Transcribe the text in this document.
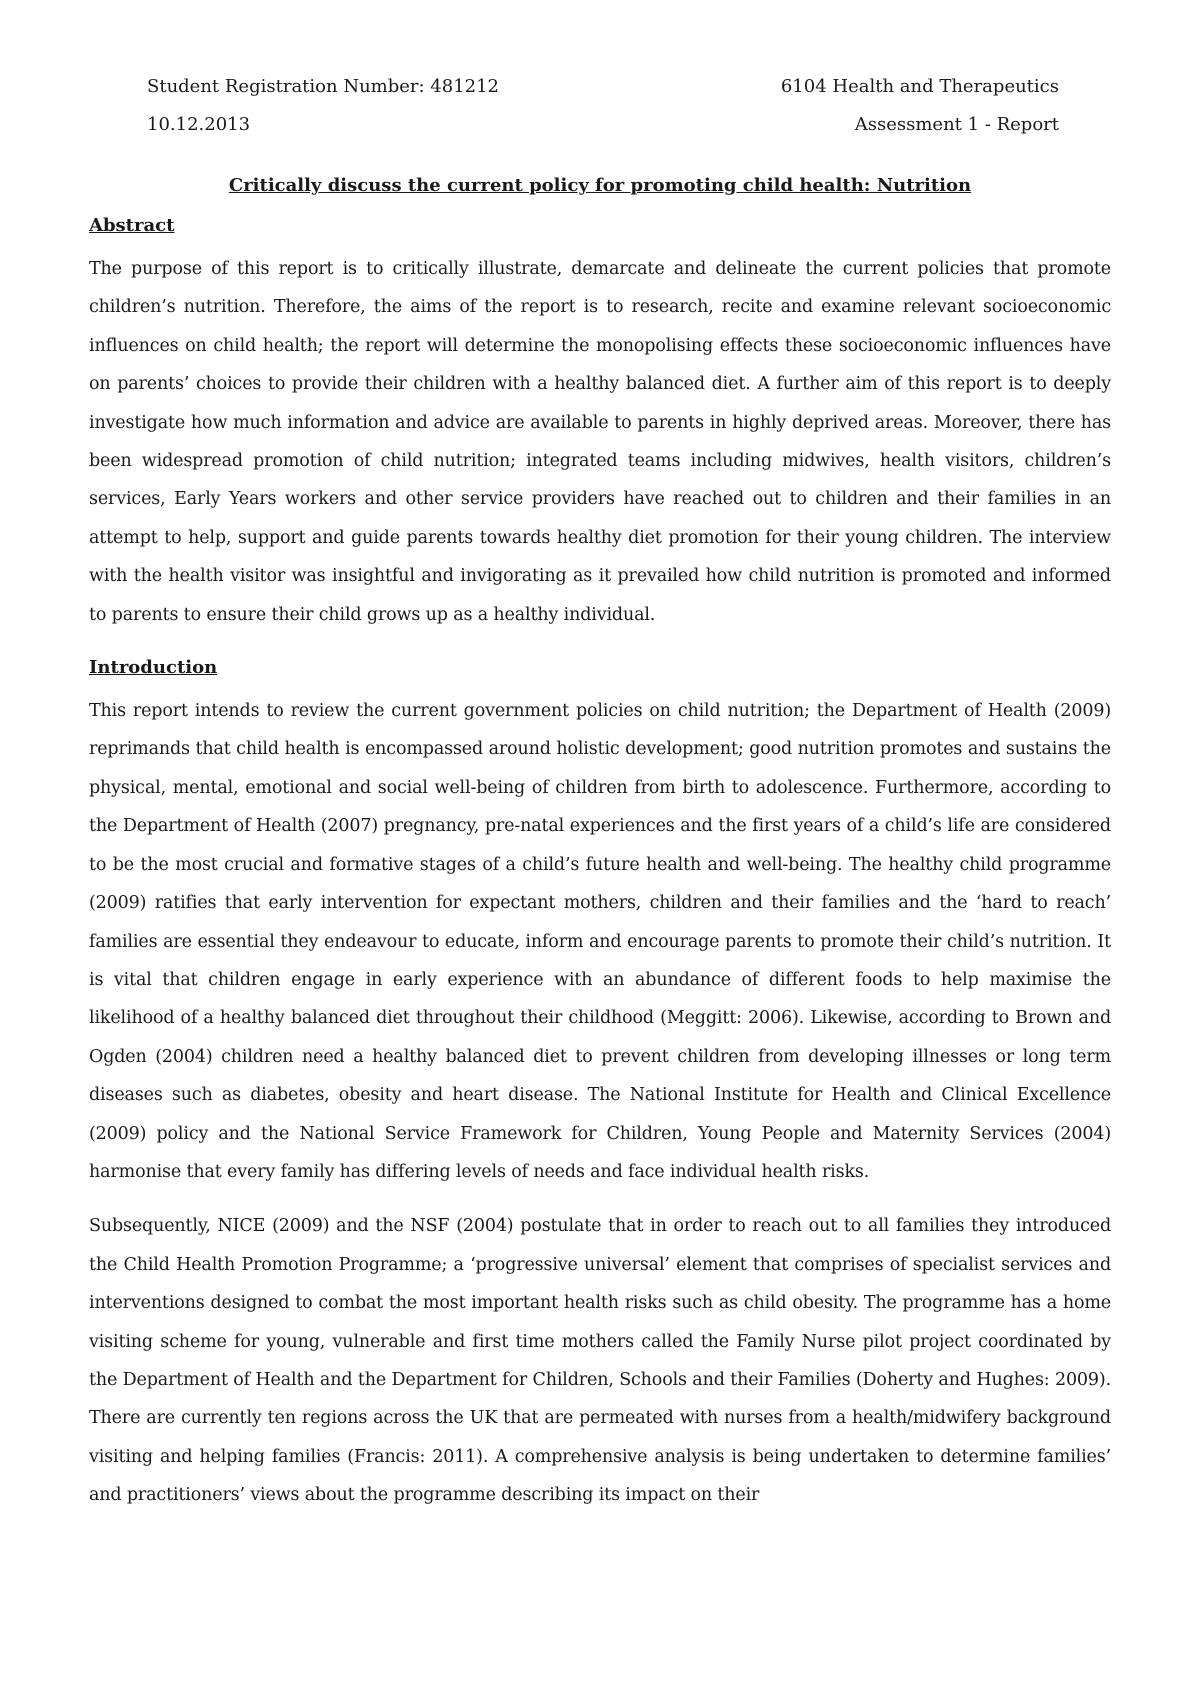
Student Registration Number: 481212	6104 Health and Therapeutics
10.12.2013	Assessment 1 - Report
Critically discuss the current policy for promoting child health: Nutrition
Abstract

The purpose of this report is to critically illustrate, demarcate and delineate the current policies that promote children’s nutrition. Therefore, the aims of the report is to research, recite and examine relevant socioeconomic influences on child health; the report will determine the monopolising effects these socioeconomic influences have on parents’ choices to provide their children with a healthy balanced diet. A further aim of this report is to deeply investigate how much information and advice are available to parents in highly deprived areas. Moreover, there has been widespread promotion of child nutrition; integrated teams including midwives, health visitors, children’s services, Early Years workers and other service providers have reached out to children and their families in an attempt to help, support and guide parents towards healthy diet promotion for their young children. The interview with the health visitor was insightful and invigorating as it prevailed how child nutrition is promoted and informed to parents to ensure their child grows up as a healthy individual.

Introduction

This report intends to review the current government policies on child nutrition; the Department of Health (2009) reprimands that child health is encompassed around holistic development; good nutrition promotes and sustains the physical, mental, emotional and social well-being of children from birth to adolescence. Furthermore, according to the Department of Health (2007) pregnancy, pre-natal experiences and the first years of a child’s life are considered to be the most crucial and formative stages of a child’s future health and well-being. The healthy child programme (2009) ratifies that early intervention for expectant mothers, children and their families and the ‘hard to reach’ families are essential they endeavour to educate, inform and encourage parents to promote their child’s nutrition. It is vital that children engage in early experience with an abundance of different foods to help maximise the likelihood of a healthy balanced diet throughout their childhood (Meggitt: 2006). Likewise, according to Brown and Ogden (2004) children need a healthy balanced diet to prevent children from developing illnesses or long term diseases such as diabetes, obesity and heart disease. The National Institute for Health and Clinical Excellence (2009) policy and the National Service Framework for Children, Young People and Maternity Services (2004) harmonise that every family has differing levels of needs and face individual health risks.

Subsequently, NICE (2009) and the NSF (2004) postulate that in order to reach out to all families they introduced the Child Health Promotion Programme; a ‘progressive universal’ element that comprises of specialist services and interventions designed to combat the most important health risks such as child obesity. The programme has a home visiting scheme for young, vulnerable and first time mothers called the Family Nurse pilot project coordinated by the Department of Health and the Department for Children, Schools and their Families (Doherty and Hughes: 2009). There are currently ten regions across the UK that are permeated with nurses from a health/midwifery background visiting and helping families (Francis: 2011). A comprehensive analysis is being undertaken to determine families’ and practitioners’ views about the programme describing its impact on their
